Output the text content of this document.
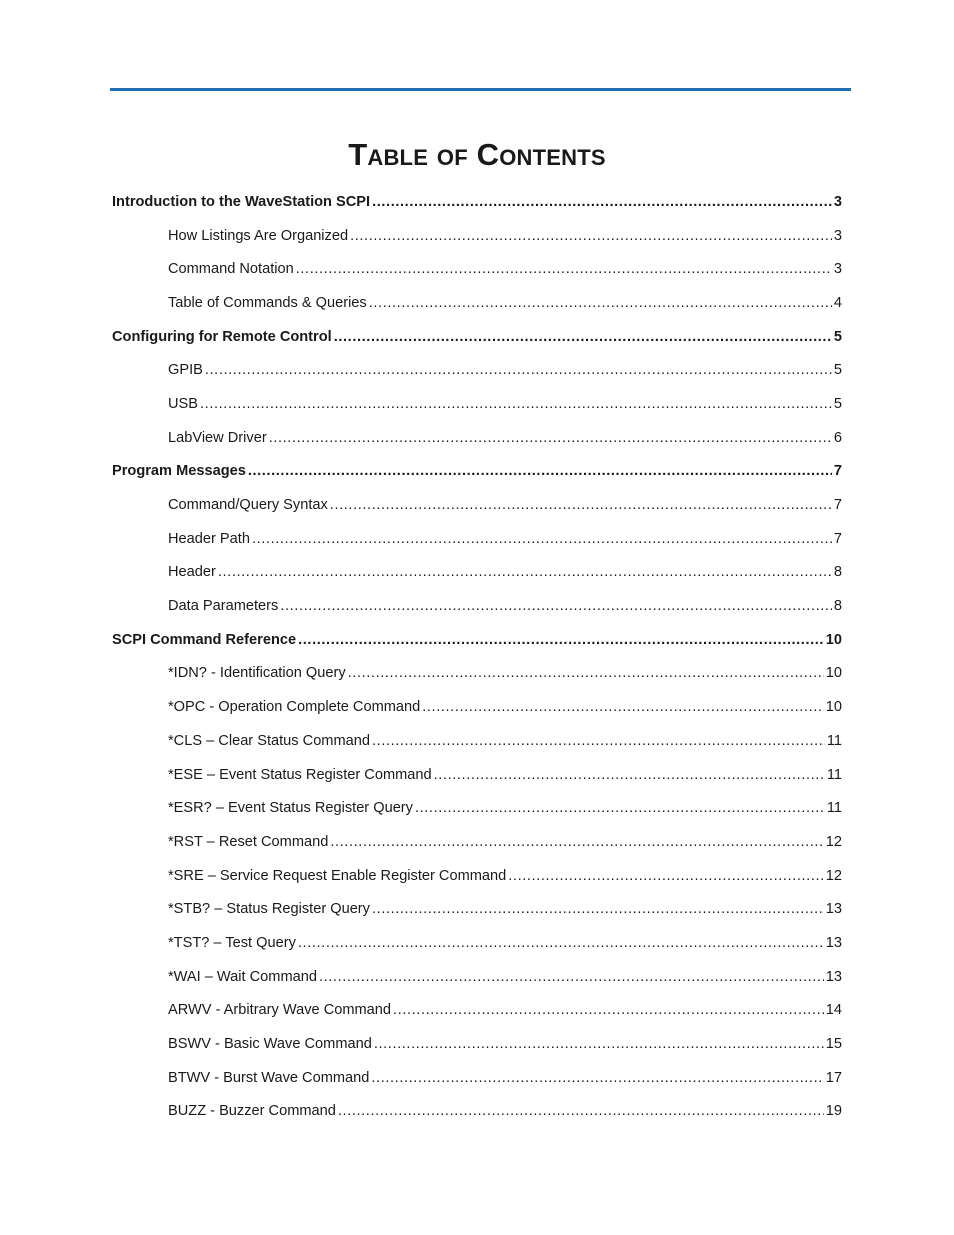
Table of Contents
Introduction to the WaveStation SCPI .....	3
How Listings Are Organized .....	3
Command Notation .....	3
Table of Commands & Queries .....	4
Configuring for Remote Control .....	5
GPIB .....	5
USB .....	5
LabView Driver .....	6
Program Messages .....	7
Command/Query Syntax .....	7
Header Path .....	7
Header .....	8
Data Parameters .....	8
SCPI Command Reference .....	10
*IDN? - Identification Query .....	10
*OPC - Operation Complete Command .....	10
*CLS – Clear Status Command .....	11
*ESE – Event Status Register Command .....	11
*ESR? – Event Status Register Query .....	11
*RST – Reset Command .....	12
*SRE – Service Request Enable Register Command .....	12
*STB? – Status Register Query .....	13
*TST? – Test Query .....	13
*WAI – Wait Command .....	13
ARWV - Arbitrary Wave Command .....	14
BSWV - Basic Wave Command .....	15
BTWV - Burst Wave Command .....	17
BUZZ - Buzzer Command .....	19
